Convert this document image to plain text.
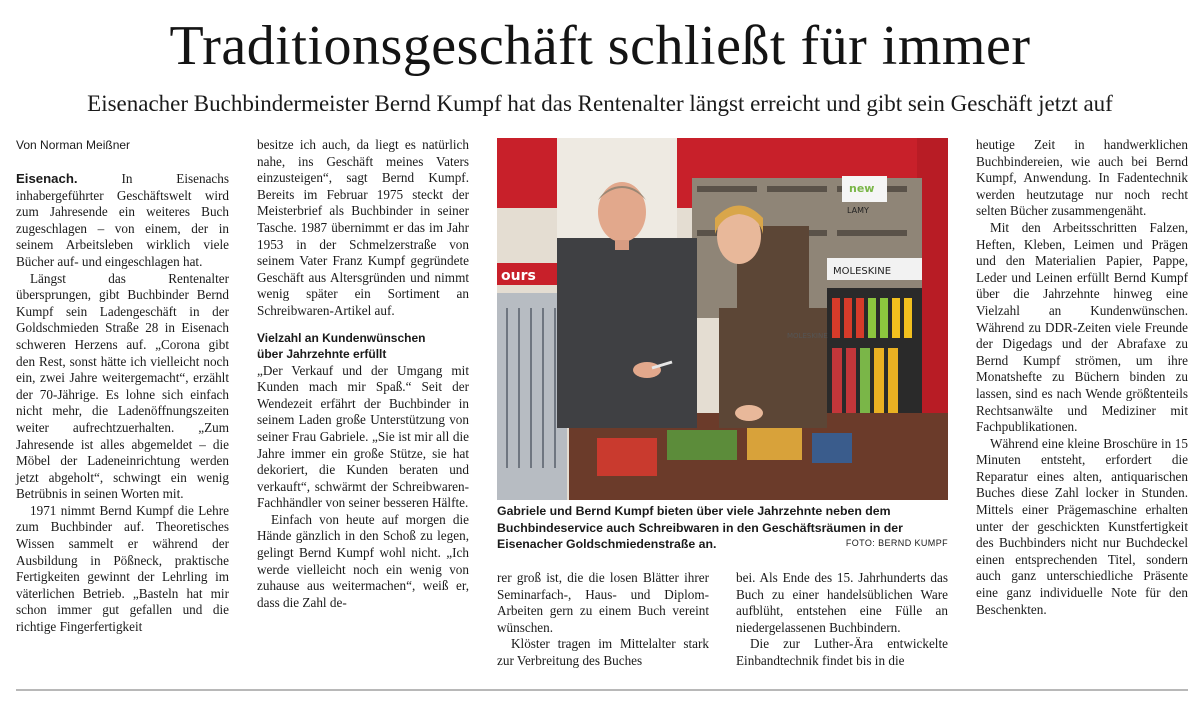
Traditionsgeschäft schließt für immer
Eisenacher Buchbindermeister Bernd Kumpf hat das Rentenalter längst erreicht und gibt sein Geschäft jetzt auf
Von Norman Meißner

Eisenach.	In Eisenachs inhabergeführter Geschäftswelt wird zum Jahresende ein weiteres Buch zugeschlagen – von einem, der in seinem Arbeitsleben wirklich viele Bücher auf- und eingeschlagen hat.

Längst das Rentenalter übersprungen, gibt Buchbinder Bernd Kumpf sein Ladengeschäft in der Goldschmieden Straße 28 in Eisenach schweren Herzens auf. „Corona gibt den Rest, sonst hätte ich vielleicht noch ein, zwei Jahre weitergemacht“, erzählt der 70-Jährige. Es lohne sich einfach nicht mehr, die Ladenöffnungszeiten weiter aufrechtzuerhalten. „Zum Jahresende ist alles abgemeldet – die Möbel der Ladeneinrichtung werden jetzt abgeholt“, schwingt ein wenig Betrübnis in seinen Worten mit.

1971 nimmt Bernd Kumpf die Lehre zum Buchbinder auf. Theoretisches Wissen sammelt er während der Ausbildung in Pößneck, praktische Fertigkeiten gewinnt der Lehrling im väterlichen Betrieb. „Basteln hat mir schon immer gut gefallen und die richtige Fingerfertigkeit

besitze ich auch, da liegt es natürlich nahe, ins Geschäft meines Vaters einzusteigen“, sagt Bernd Kumpf. Bereits im Februar 1975 steckt der Meisterbrief als Buchbinder in seiner Tasche. 1987 übernimmt er das im Jahr 1953 in der Schmelzerstraße von seinem Vater Franz Kumpf gegründete Geschäft aus Altersgründen und nimmt wenig später ein Sortiment an Schreibwaren-Artikel auf.

Vielzahl an Kundenwünschen
über Jahrzehnte erfüllt

„Der Verkauf und der Umgang mit Kunden mach mir Spaß.“ Seit der Wendezeit erfährt der Buchbinder in seinem Laden große Unterstützung von seiner Frau Gabriele. „Sie ist mir all die Jahre immer ein große Stütze, sie hat dekoriert, die Kunden beraten und verkauft“, schwärmt der Schreibwaren-Fachhändler von seiner besseren Hälfte.

Einfach von heute auf morgen die Hände gänzlich in den Schoß zu legen, gelingt Bernd Kumpf wohl nicht. „Ich werde vielleicht noch ein wenig von zuhause aus weitermachen“, weiß er, dass die Zahl de-

MOLESKINE
new
LAMY
ours
MOLESKINE
Gabriele und Bernd Kumpf bieten über viele Jahrzehnte neben dem Buchbindeservice auch Schreibwaren in den Geschäftsräumen in der Eisenacher Goldschmiedenstraße an.	FOTO: BERND KUMPF

rer groß ist, die die losen Blätter ihrer Seminarfach-, Haus- und Diplom-Arbeiten gern zu einem Buch vereint wünschen.

Klöster tragen im Mittelalter stark zur Verbreitung des Buches

bei. Als Ende des 15. Jahrhunderts das Buch zu einer handelsüblichen Ware aufblüht, entstehen eine Fülle an niedergelassenen Buchbindern.

Die zur Luther-Ära entwickelte Einbandtechnik findet bis in die

heutige Zeit in handwerklichen Buchbindereien, wie auch bei Bernd Kumpf, Anwendung. In Fadentechnik werden heutzutage nur noch recht selten Bücher zusammengenäht.

Mit den Arbeitsschritten Falzen, Heften, Kleben, Leimen und Prägen und den Materialien Papier, Pappe, Leder und Leinen erfüllt Bernd Kumpf über die Jahrzehnte hinweg eine Vielzahl an Kundenwünschen. Während zu DDR-Zeiten viele Freunde der Digedags und der Abrafaxe zu Bernd Kumpf strömen, um ihre Monatshefte zu Büchern binden zu lassen, sind es nach Wende größtenteils Rechtsanwälte und Mediziner mit Fachpublikationen.

Während eine kleine Broschüre in 15 Minuten entsteht, erfordert die Reparatur eines alten, antiquarischen Buches diese Zahl locker in Stunden. Mittels einer Prägemaschine erhalten unter der geschickten Kunstfertigkeit des Buchbinders nicht nur Buchdeckel einen entsprechenden Titel, sondern auch ganz unterschiedliche Präsente eine ganz individuelle Note für den Beschenkten.
